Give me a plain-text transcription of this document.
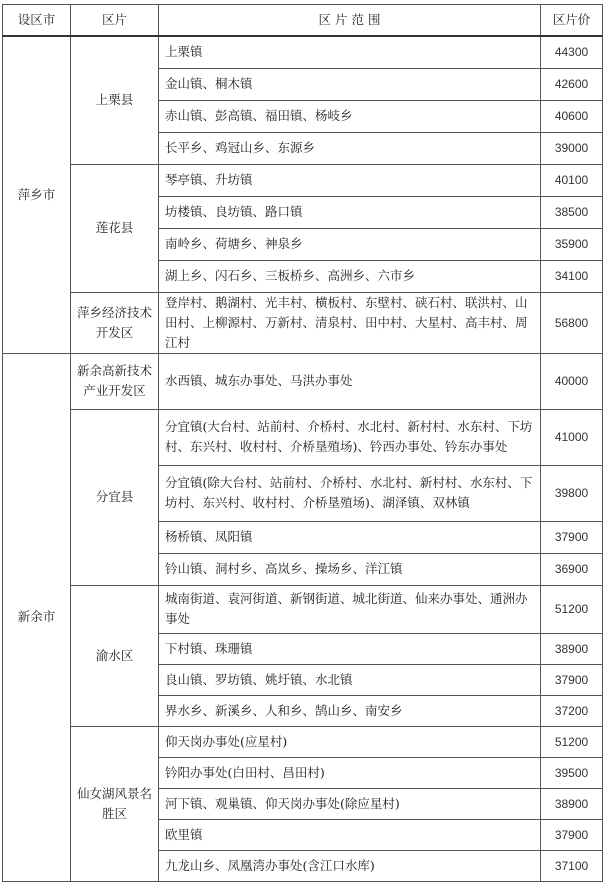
设区市	区片	区 片 范 围	区片价
萍乡市	上栗县	上栗镇	44300
		金山镇、桐木镇	42600
		赤山镇、彭高镇、福田镇、杨岐乡	40600
		长平乡、鸡冠山乡、东源乡	39000
	莲花县	琴亭镇、升坊镇	40100
		坊楼镇、良坊镇、路口镇	38500
		南岭乡、荷塘乡、神泉乡	35900
		湖上乡、闪石乡、三板桥乡、高洲乡、六市乡	34100
	萍乡经济技术开发区	登岸村、鹅湖村、光丰村、横板村、东壁村、硖石村、联洪村、山田村、上柳源村、万新村、清泉村、田中村、大星村、高丰村、周江村	56800
新余市	新余高新技术产业开发区	水西镇、城东办事处、马洪办事处	40000
	分宜县	分宜镇(大台村、站前村、介桥村、水北村、新村村、水东村、下坊村、东兴村、收村村、介桥垦殖场)、钤西办事处、钤东办事处	41000
		分宜镇(除大台村、站前村、介桥村、水北村、新村村、水东村、下坊村、东兴村、收村村、介桥垦殖场)、湖泽镇、双林镇	39800
		杨桥镇、凤阳镇	37900
		钤山镇、洞村乡、高岚乡、操场乡、洋江镇	36900
	渝水区	城南街道、袁河街道、新钢街道、城北街道、仙来办事处、通洲办事处	51200
		下村镇、珠珊镇	38900
		良山镇、罗坊镇、姚圩镇、水北镇	37900
		界水乡、新溪乡、人和乡、鹄山乡、南安乡	37200
	仙女湖风景名胜区	仰天岗办事处(应星村)	51200
		钤阳办事处(白田村、昌田村)	39500
		河下镇、观巢镇、仰天岗办事处(除应星村)	38900
		欧里镇	37900
		九龙山乡、凤凰湾办事处(含江口水库)	37100
